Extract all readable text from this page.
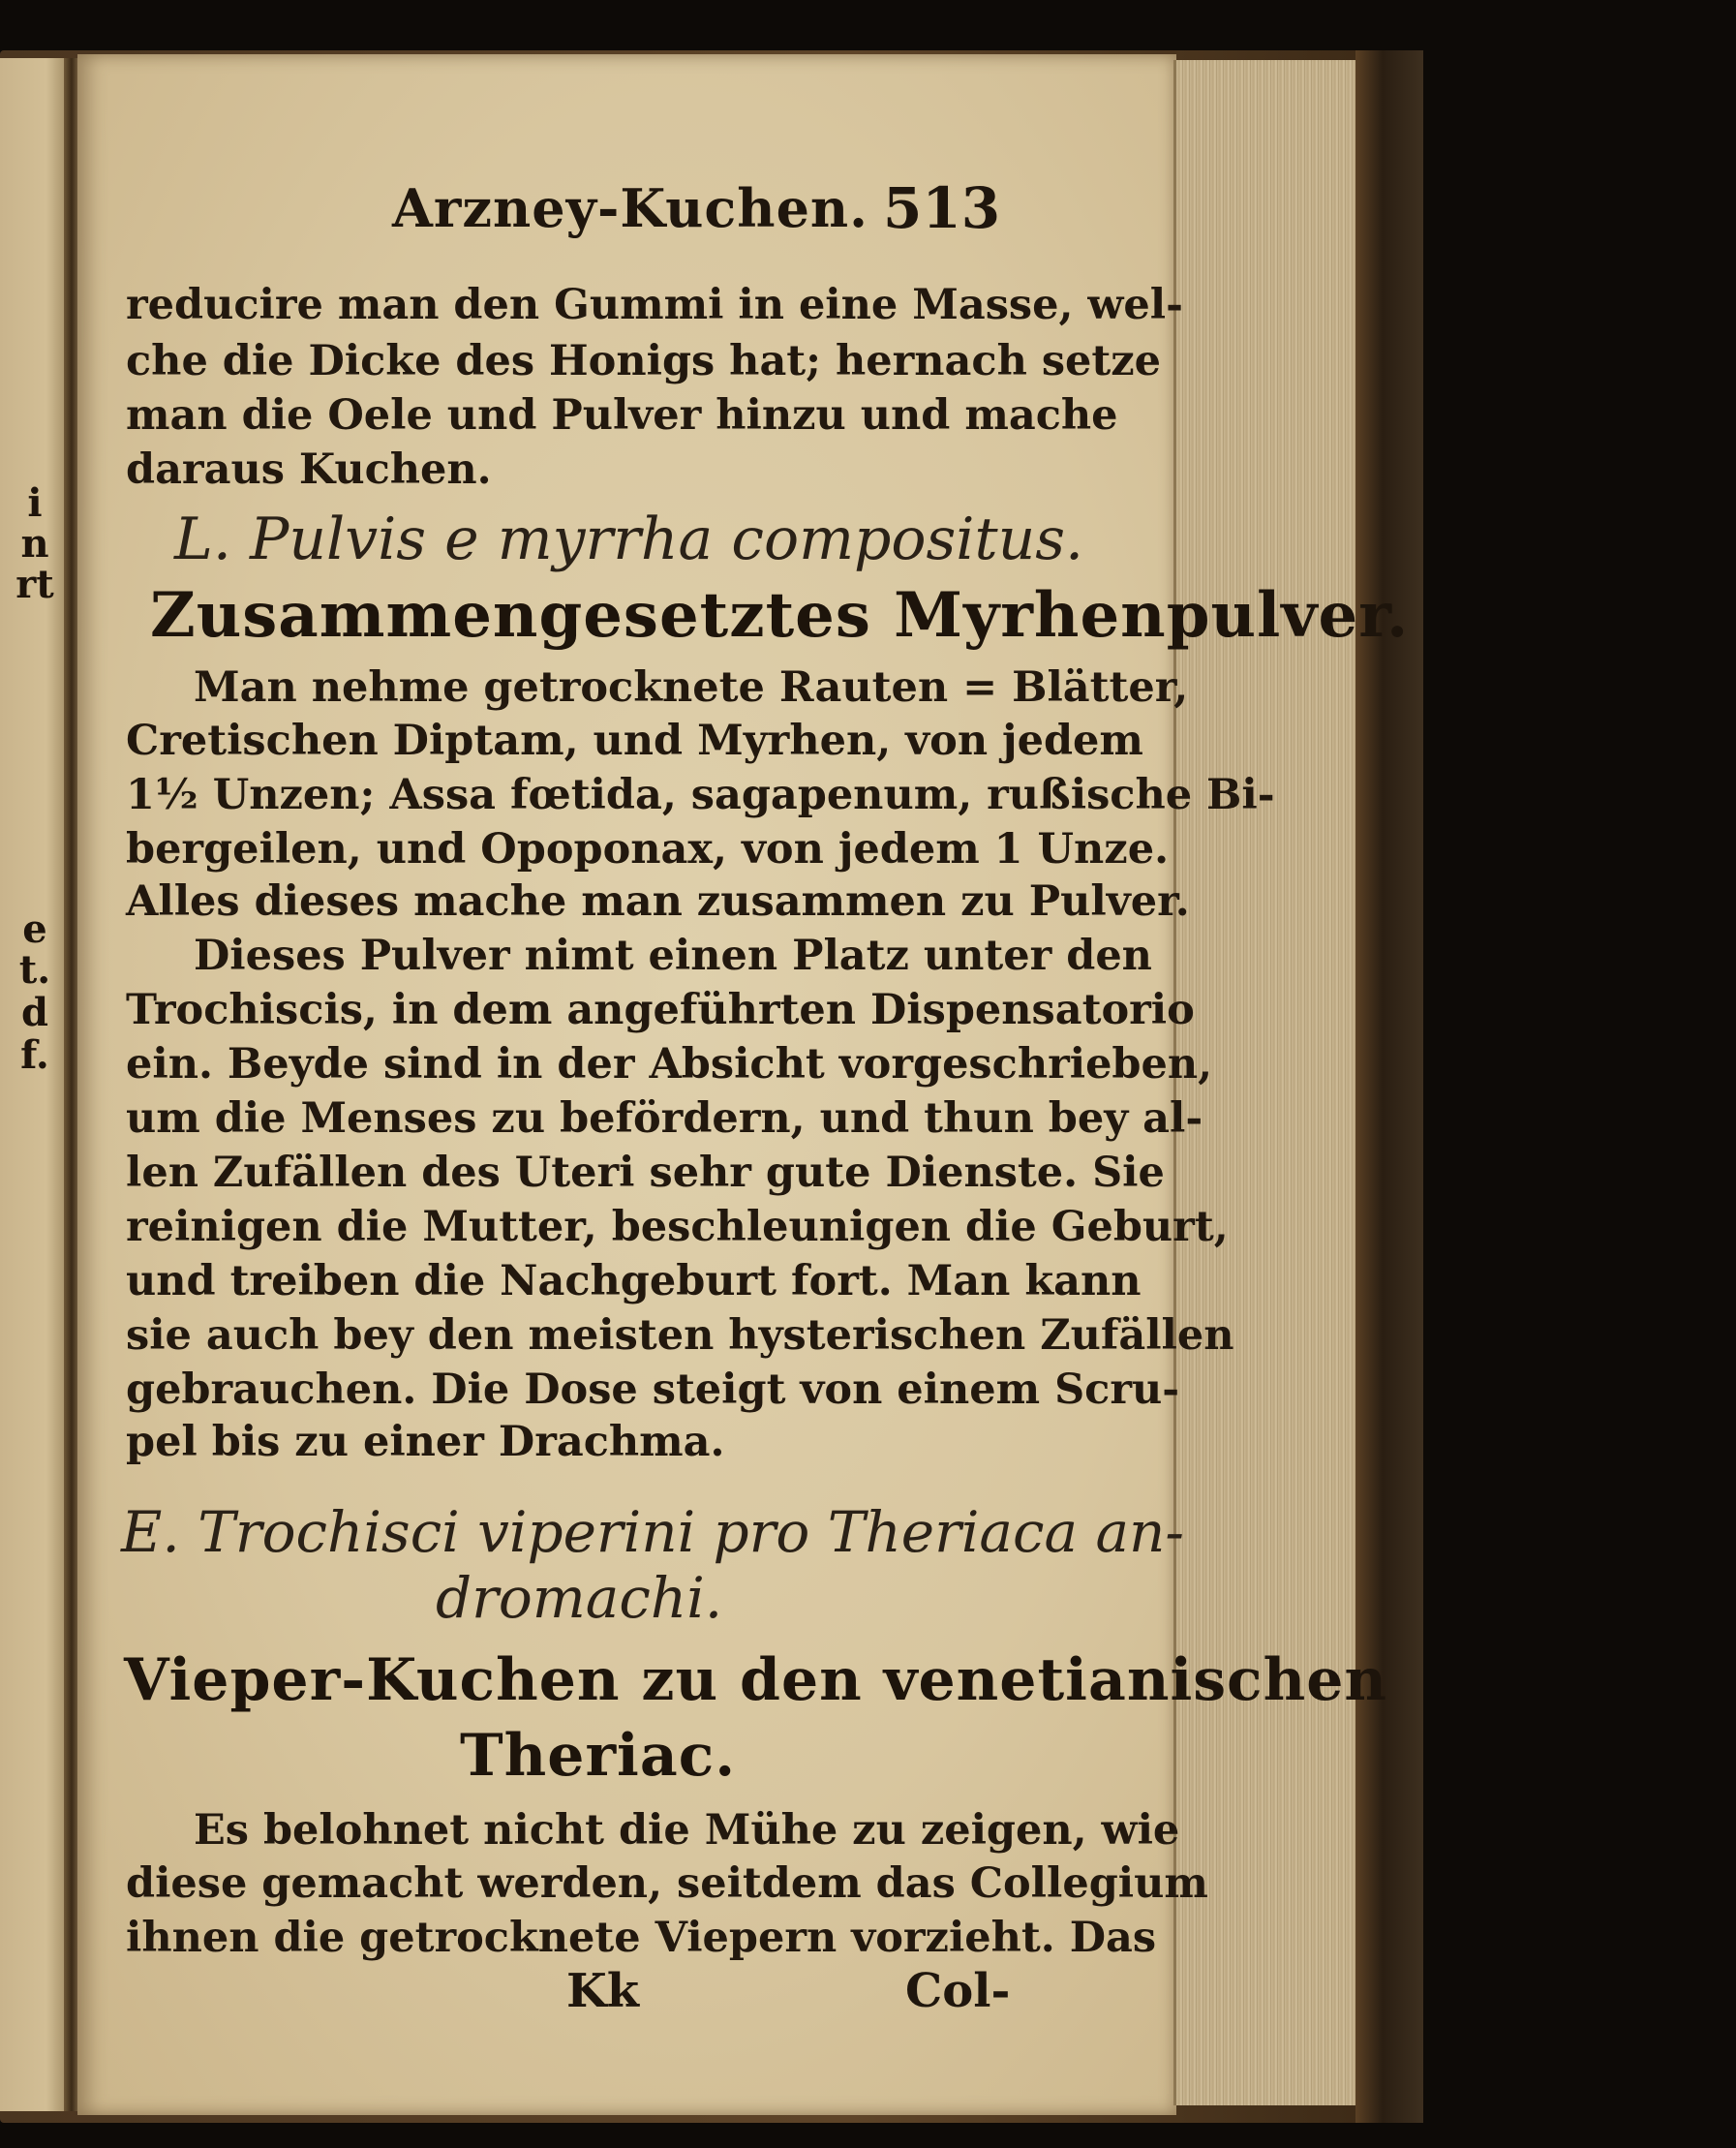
i
n
rt
e
t.
d
f.
Arzney-Kuchen. 513
reducire man den Gummi in eine Masse, wel-
che die Dicke des Honigs hat; hernach setze
man die Oele und Pulver hinzu und mache
daraus Kuchen.
L. Pulvis e myrrha compositus.
Zusammengesetztes Myrhenpulver.
Man nehme getrocknete Rauten = Blätter,
Cretischen Diptam, und Myrhen, von jedem
1½ Unzen; Assa fœtida, sagapenum, rußische Bi-
bergeilen, und Opoponax, von jedem 1 Unze.
Alles dieses mache man zusammen zu Pulver.
Dieses Pulver nimt einen Platz unter den
Trochiscis, in dem angeführten Dispensatorio
ein. Beyde sind in der Absicht vorgeschrieben,
um die Menses zu befördern, und thun bey al-
len Zufällen des Uteri sehr gute Dienste. Sie
reinigen die Mutter, beschleunigen die Geburt,
und treiben die Nachgeburt fort. Man kann
sie auch bey den meisten hysterischen Zufällen
gebrauchen. Die Dose steigt von einem Scru-
pel bis zu einer Drachma.
E. Trochisci viperini pro Theriaca an-
dromachi.
Vieper-Kuchen zu den venetianischen
Theriac.
Es belohnet nicht die Mühe zu zeigen, wie
diese gemacht werden, seitdem das Collegium
ihnen die getrocknete Viepern vorzieht. Das
Kk	Col-
